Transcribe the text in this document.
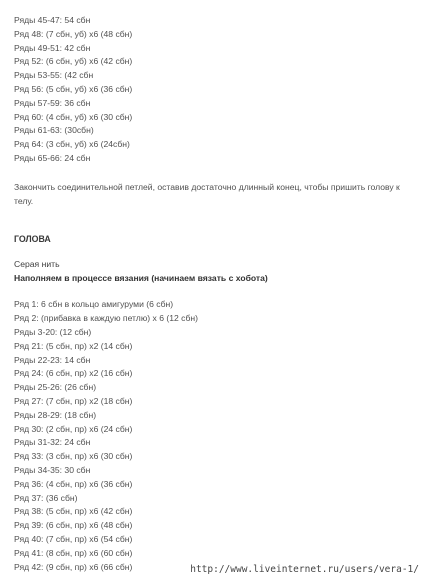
Ряды 45-47: 54 сбн
Ряд 48: (7 сбн, уб) х6 (48 сбн)
Ряды 49-51: 42 сбн
Ряд 52: (6 сбн, уб) х6 (42 сбн)
Ряды 53-55: (42 сбн
Ряд 56: (5 сбн, уб) х6 (36 сбн)
Ряды 57-59: 36 сбн
Ряд 60: (4 сбн, уб) х6 (30 сбн)
Ряды 61-63: (30сбн)
Ряд 64: (3 сбн, уб) х6 (24сбн)
Ряды 65-66: 24 сбн
Закончить соединительной петлей, оставив достаточно длинный конец, чтобы пришить голову к телу.
ГОЛОВА
Серая нить
Наполняем в процессе вязания (начинаем вязать с хобота)
Ряд 1: 6 сбн в кольцо амигуруми (6 сбн)
Ряд 2: (прибавка в каждую петлю) х 6 (12 сбн)
Ряды 3-20: (12 сбн)
Ряд 21: (5 сбн, пр) х2 (14 сбн)
Ряды 22-23: 14 сбн
Ряд 24: (6 сбн, пр) х2 (16 сбн)
Ряды 25-26: (26 сбн)
Ряд 27: (7 сбн, пр) х2 (18 сбн)
Ряды 28-29: (18 сбн)
Ряд 30: (2 сбн, пр) х6 (24 сбн)
Ряды 31-32: 24 сбн
Ряд 33: (3 сбн, пр) х6 (30 сбн)
Ряды 34-35: 30 сбн
Ряд 36: (4 сбн, пр) х6 (36 сбн)
Ряд 37: (36 сбн)
Ряд 38: (5 сбн, пр) х6 (42 сбн)
Ряд 39: (6 сбн, пр) х6 (48 сбн)
Ряд 40: (7 сбн, пр) х6 (54 сбн)
Ряд 41: (8 сбн, пр) х6 (60 сбн)
Ряд 42: (9 сбн, пр) х6 (66 сбн)	http://www.liveinternet.ru/users/vera-1/
